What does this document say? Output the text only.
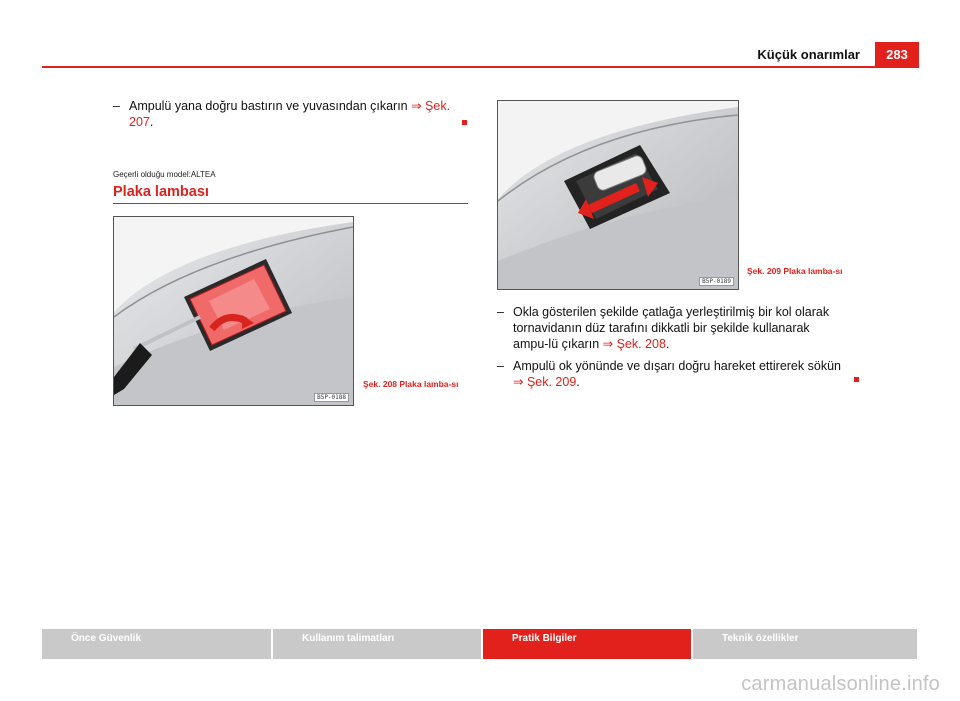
Küçük onarımlar	283
– Ampulü yana doğru bastırın ve yuvasından çıkarın ⇒ Şek. 207.
Geçerli olduğu model:ALTEA
Plaka lambası
B5P-0188
Şek. 208 Plaka lamba-sı
B5P-0189
Şek. 209 Plaka lamba-sı
– Okla gösterilen şekilde çatlağa yerleştirilmiş bir kol olarak tornavidanın düz tarafını dikkatli bir şekilde kullanarak ampu-lü çıkarın ⇒ Şek. 208.
– Ampulü ok yönünde ve dışarı doğru hareket ettirerek sökün ⇒ Şek. 209.
Önce Güvenlik	Kullanım talimatları	Pratik Bilgiler	Teknik özellikler
carmanualsonline.info
